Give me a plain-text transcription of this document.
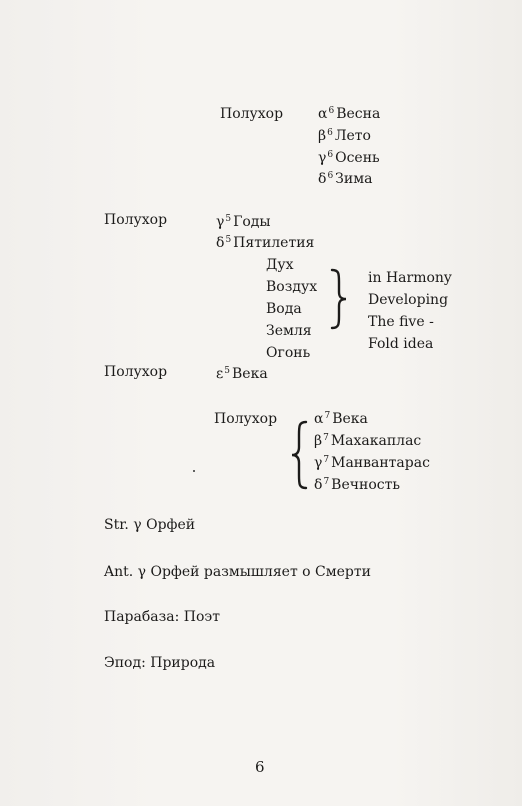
Полухор $\alpha^6$ Весна
$\beta^6$ Лето
$\gamma^6$ Осень
$\delta^6$ Зима
Полухор	$\gamma^5$ Годы
$\delta^5$ Пятилетия
Дух
Воздух
Вода
Земля
Огонь
in Harmony
Developing
The five -
Fold idea
Полухор	$\varepsilon^5$ Века
Полухор	$\alpha^7$ Века
$\beta^7$ Махакаплас
$\gamma^7$ Манвантарас
$\delta^7$ Вечность
Str. γ Орфей
Ant. γ Орфей размышляет о Смерти
Парабаза: Поэт
Эпод: Природа
6
